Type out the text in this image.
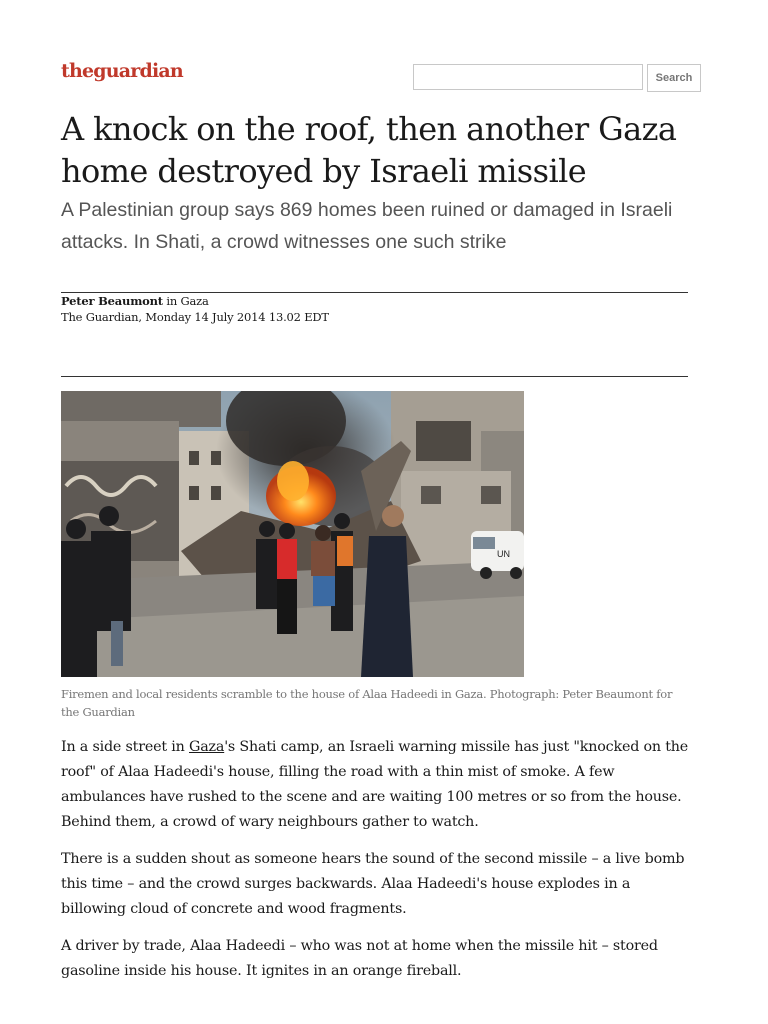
theguardian	Search
A knock on the roof, then another Gaza home destroyed by Israeli missile

A Palestinian group says 869 homes been ruined or damaged in Israeli attacks. In Shati, a crowd witnesses one such strike

Peter Beaumont in Gaza
The Guardian, Monday 14 July 2014 13.02 EDT
UN

Firemen and local residents scramble to the house of Alaa Hadeedi in Gaza. Photograph: Peter Beaumont for the Guardian

In a side street in Gaza's Shati camp, an Israeli warning missile has just "knocked on the roof" of Alaa Hadeedi's house, filling the road with a thin mist of smoke. A few ambulances have rushed to the scene and are waiting 100 metres or so from the house. Behind them, a crowd of wary neighbours gather to watch.

There is a sudden shout as someone hears the sound of the second missile – a live bomb this time – and the crowd surges backwards. Alaa Hadeedi's house explodes in a billowing cloud of concrete and wood fragments.

A driver by trade, Alaa Hadeedi – who was not at home when the missile hit – stored gasoline inside his house. It ignites in an orange fireball.
